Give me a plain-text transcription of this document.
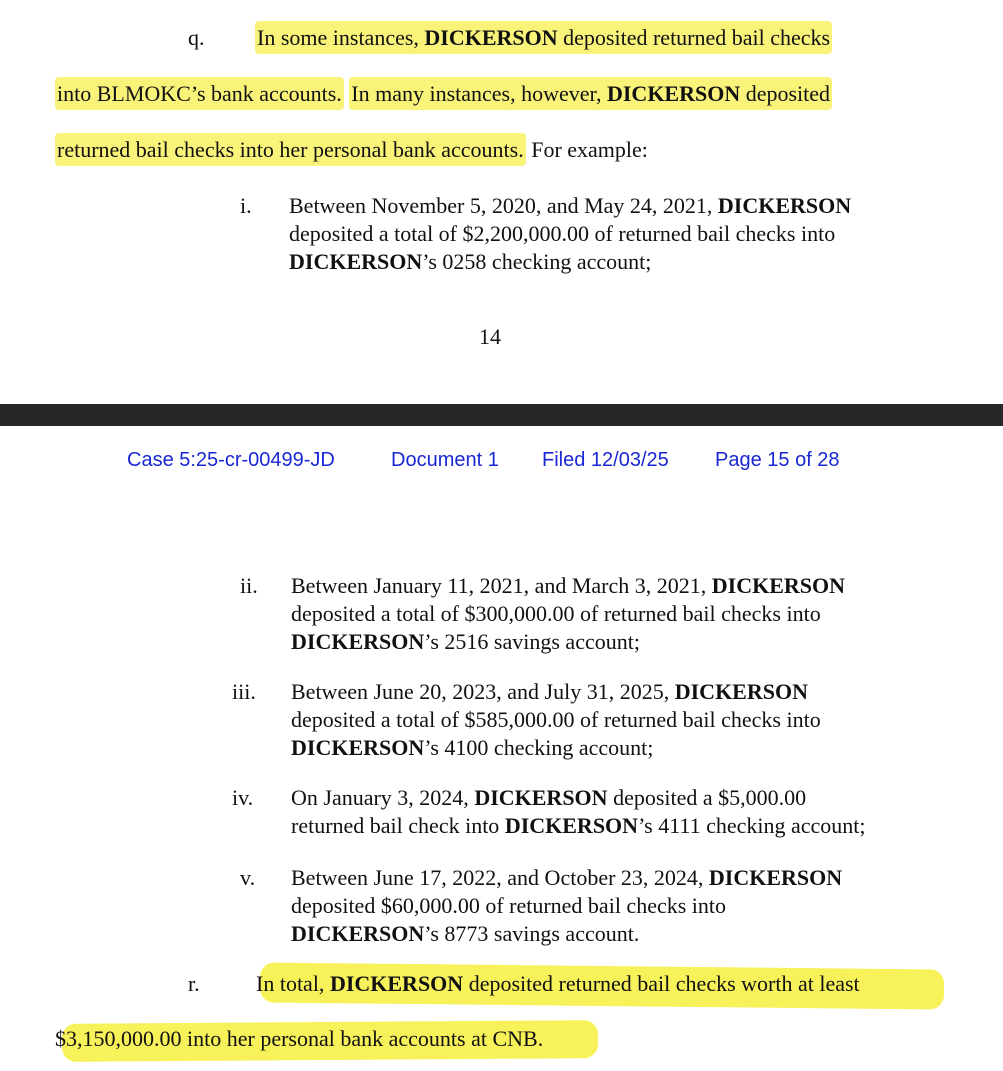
q. In some instances, DICKERSON deposited returned bail checks
into BLMOKC’s bank accounts. In many instances, however, DICKERSON deposited
returned bail checks into her personal bank accounts. For example:
i. Between November 5, 2020, and May 24, 2021, DICKERSON
deposited a total of $2,200,000.00 of returned bail checks into
DICKERSON’s 0258 checking account;
14
Case 5:25-cr-00499-JD	Document 1 Filed 12/03/25 Page 15 of 28
ii. Between January 11, 2021, and March 3, 2021, DICKERSON
deposited a total of $300,000.00 of returned bail checks into
DICKERSON’s 2516 savings account;
iii. Between June 20, 2023, and July 31, 2025, DICKERSON
deposited a total of $585,000.00 of returned bail checks into
DICKERSON’s 4100 checking account;
iv. On January 3, 2024, DICKERSON deposited a $5,000.00
returned bail check into DICKERSON’s 4111 checking account;
v. Between June 17, 2022, and October 23, 2024, DICKERSON
deposited $60,000.00 of returned bail checks into
DICKERSON’s 8773 savings account.
r.	In total, DICKERSON deposited returned bail checks worth at least
$3,150,000.00 into her personal bank accounts at CNB.
